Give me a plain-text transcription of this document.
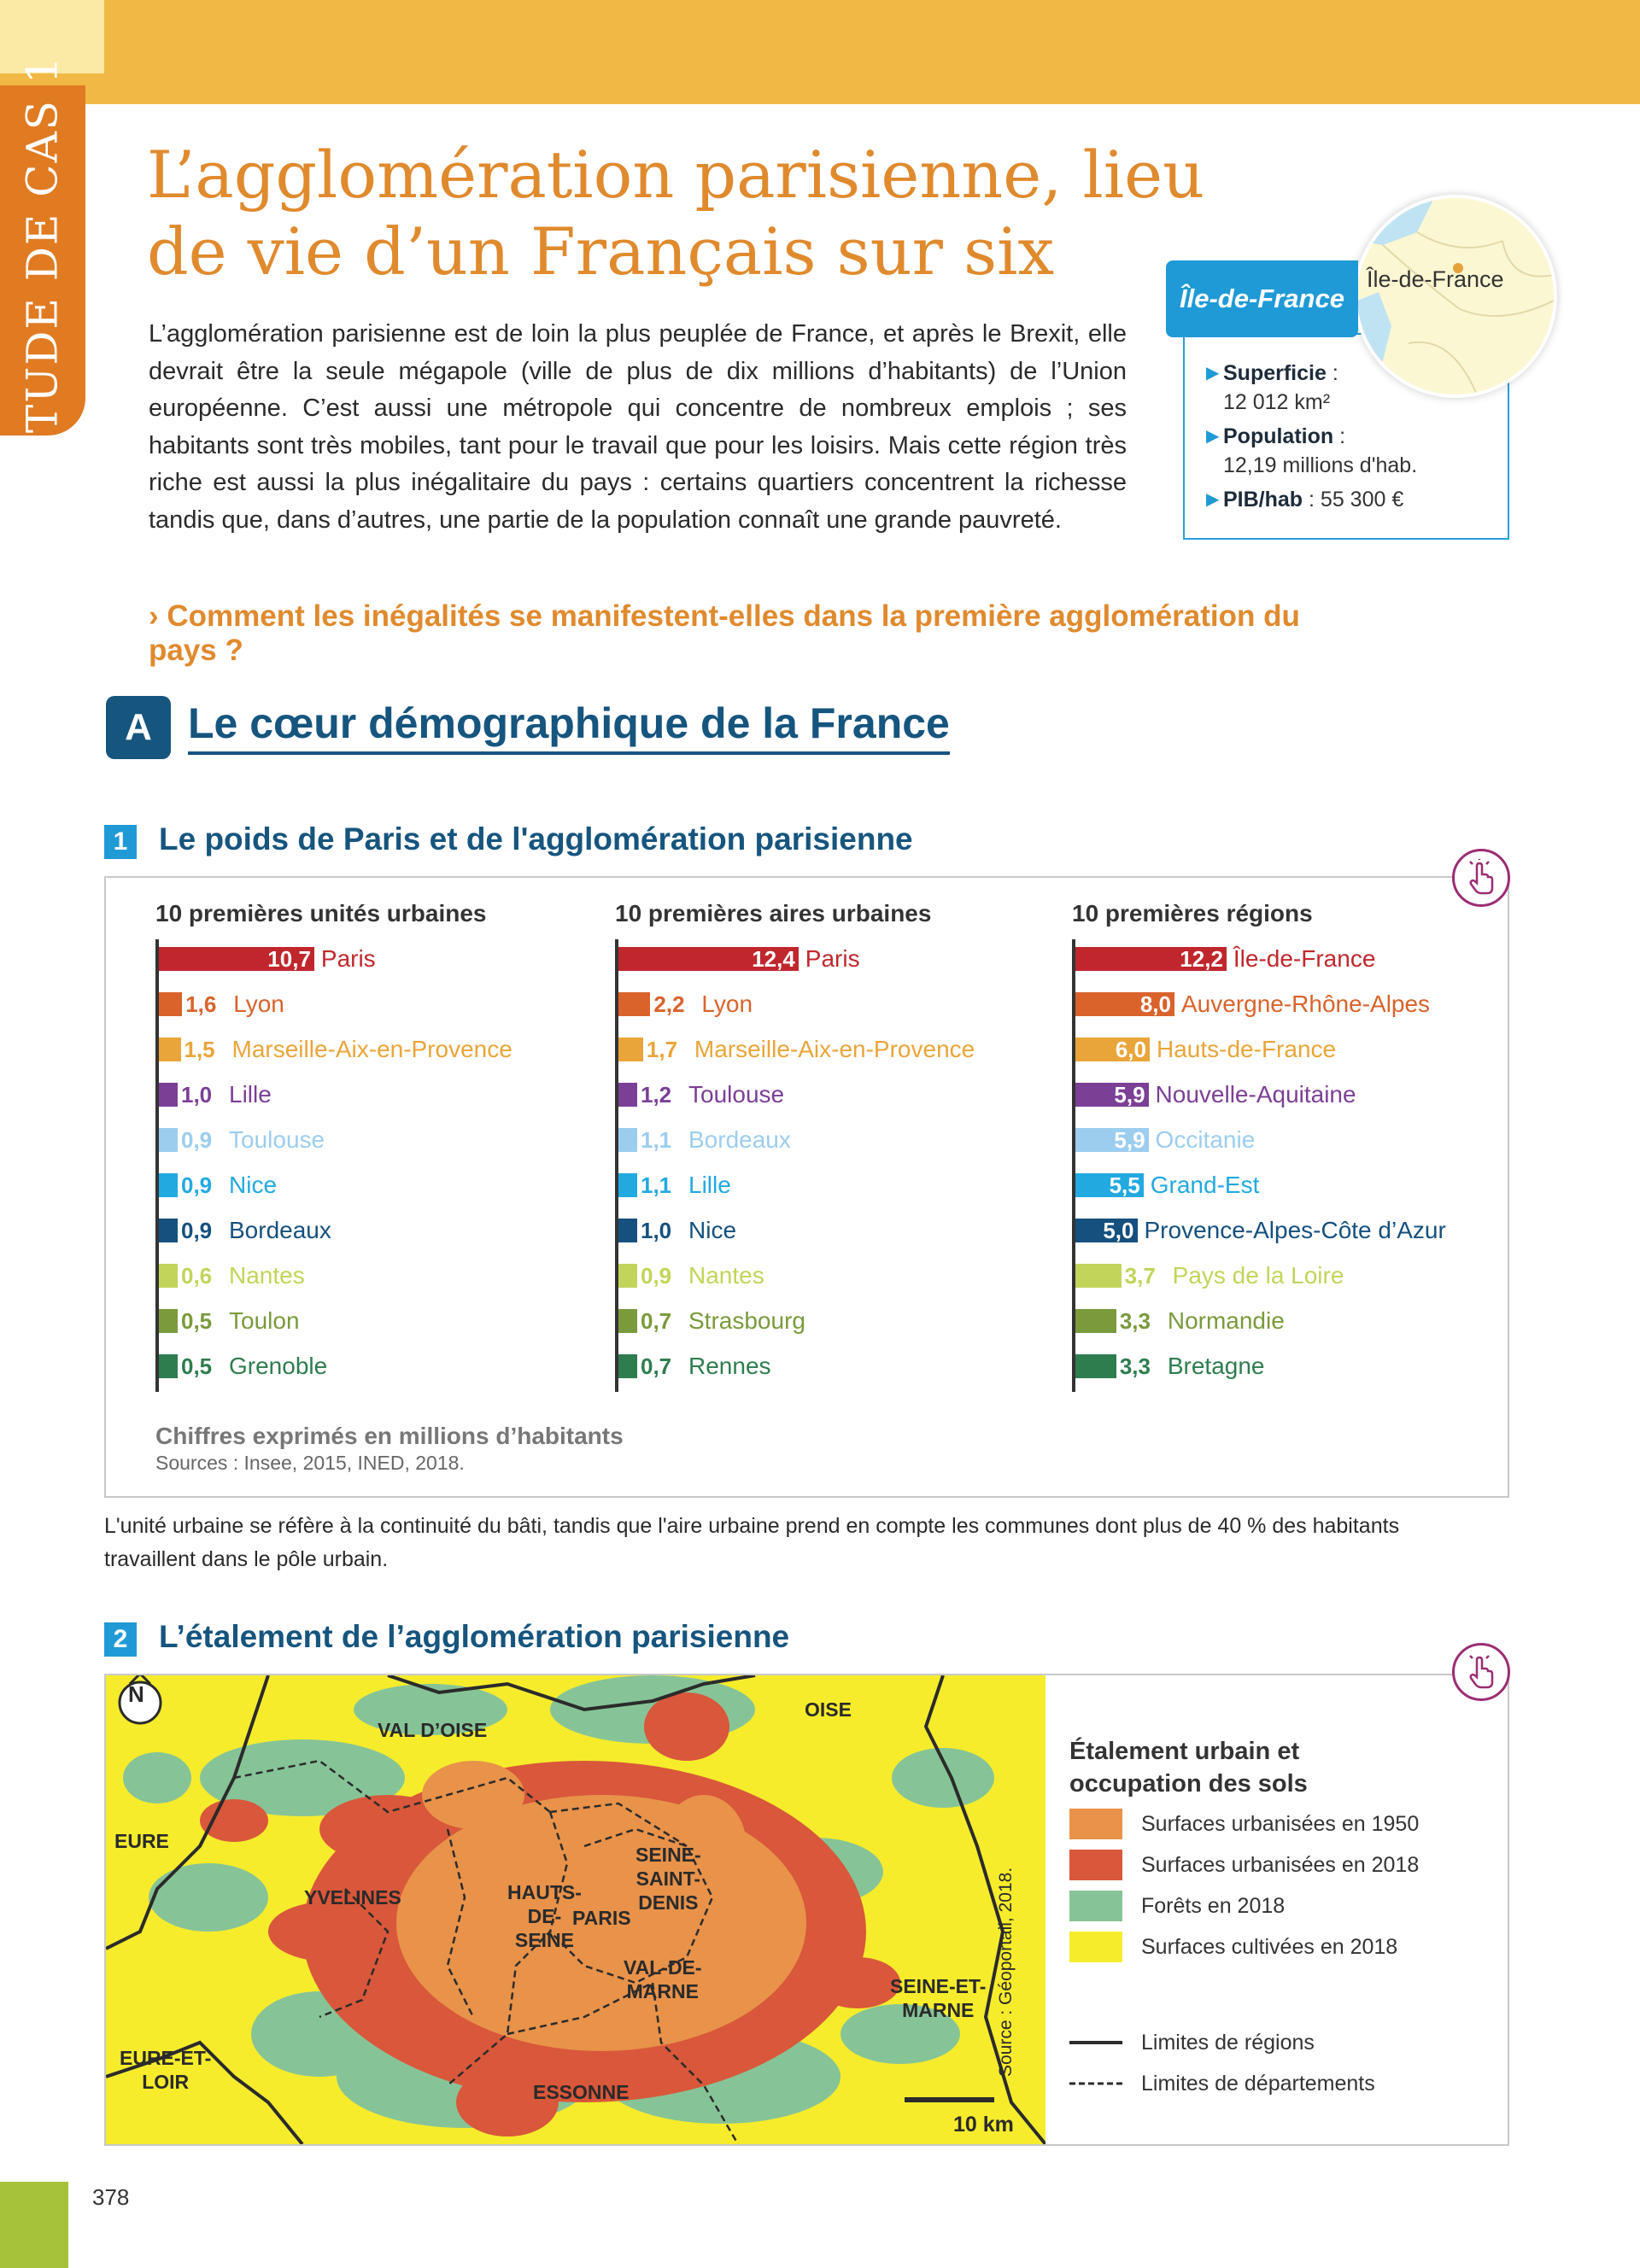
ÉTUDE DE CAS 1 L’agglomération parisienne, lieu de vie d’un Français sur six

L’agglomération parisienne est de loin la plus peuplée de France, et après le Brexit, elle devrait être la seule mégapole (ville de plus de dix millions d’habitants) de l’Union européenne. C’est aussi une métropole qui concentre de nombreux emplois ; ses habitants sont très mobiles, tant pour le travail que pour les loisirs. Mais cette région très riche est aussi la plus inégalitaire du pays : certains quartiers concentrent la richesse tandis que, dans d’autres, une partie de la population connaît une grande pauvreté.

› Comment les inégalités se manifestent-elles dans la première agglomération du pays ?
▶ Superficie :
12 012 km²
▶ Population :
12,19 millions d'hab.
▶ PIB/hab : 55 300 €
Île-de-France
Île-de-France
A Le cœur démographique de la France
1 Le poids de Paris et de l'agglomération parisienne
10 premières unités urbaines	10 premières aires urbaines	10 premières régions
10,7 Paris
1,6 Lyon
1,5 Marseille-Aix-en-Provence
1,0 Lille
0,9 Toulouse
0,9 Nice
0,9 Bordeaux
0,6 Nantes
0,5 Toulon
0,5 Grenoble
12,4 Paris
2,2 Lyon
1,7 Marseille-Aix-en-Provence
1,2 Toulouse
1,1 Bordeaux
1,1 Lille
1,0 Nice
0,9 Nantes
0,7 Strasbourg
0,7 Rennes
12,2 Île-de-France
8,0 Auvergne-Rhône-Alpes
6,0 Hauts-de-France
5,9 Nouvelle-Aquitaine
5,9 Occitanie
5,5 Grand-Est
5,0 Provence-Alpes-Côte d’Azur
3,7 Pays de la Loire
3,3 Normandie
3,3 Bretagne
Chiffres exprimés en millions d’habitants
Sources : Insee, 2015, INED, 2018.
L'unité urbaine se réfère à la continuité du bâti, tandis que l'aire urbaine prend en compte les communes dont plus de 40 % des habitants travaillent dans le pôle urbain.
2 L’étalement de l’agglomération parisienne
N
VAL D’OISE
OISE
EURE
YVELINES	HAUTS-
DE-
SEINE
PARIS
SEINE-
SAINT-
DENIS
VAL-DE-
MARNE	SEINE-ET-
MARNE
EURE-ET-
LOIR	ESSONNE
10 km
Source : Géoportail, 2018.
Étalement urbain et occupation des sols
Surfaces urbanisées en 1950
Surfaces urbanisées en 2018
Forêts en 2018
Surfaces cultivées en 2018
Limites de régions
Limites de départements
378
